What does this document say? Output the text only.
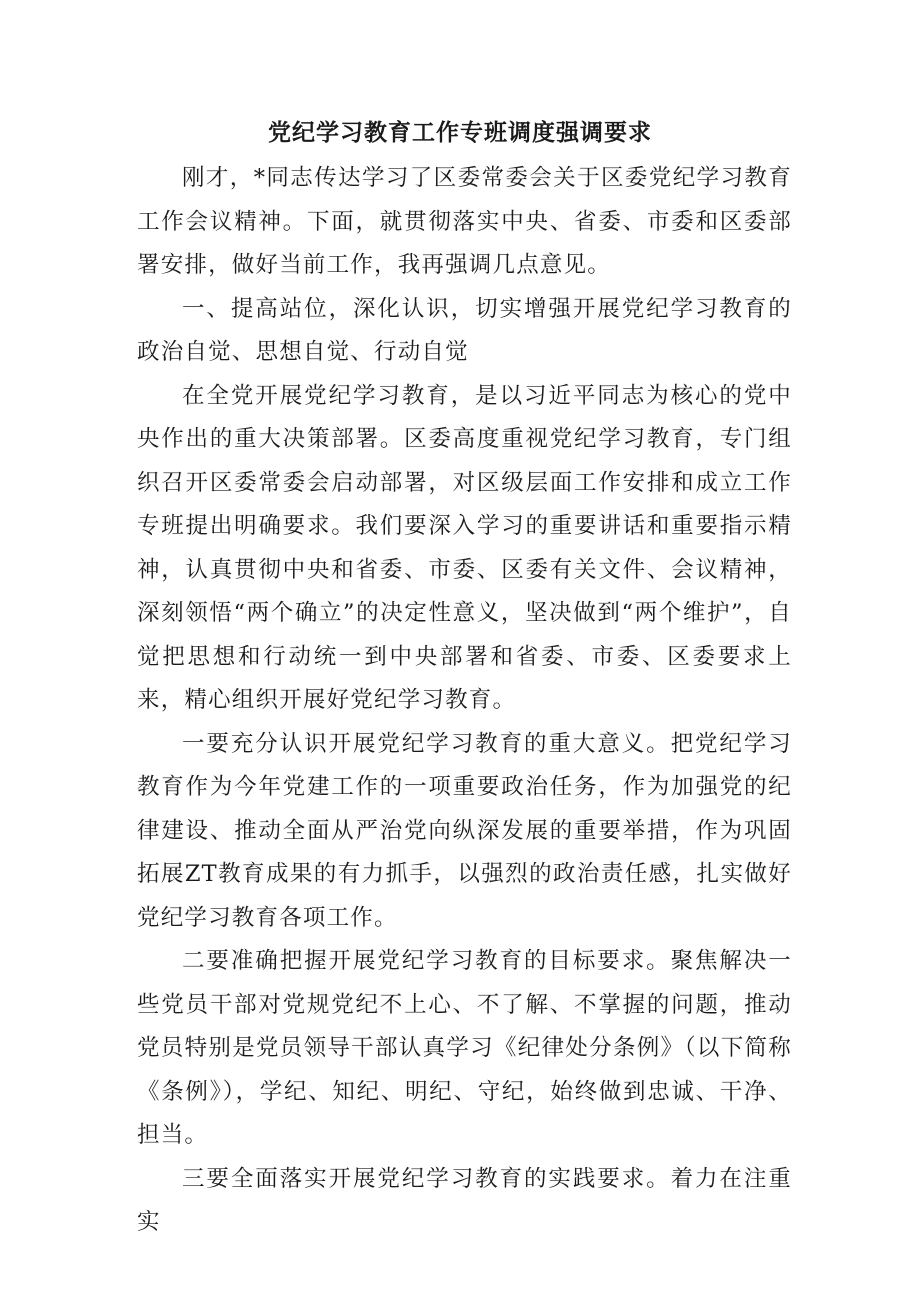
党纪学习教育工作专班调度强调要求

刚才，*同志传达学习了区委常委会关于区委党纪学习教育工作会议精神。下面，就贯彻落实中央、省委、市委和区委部署安排，做好当前工作，我再强调几点意见。

一、提高站位，深化认识，切实增强开展党纪学习教育的政治自觉、思想自觉、行动自觉

在全党开展党纪学习教育，是以习近平同志为核心的党中央作出的重大决策部署。区委高度重视党纪学习教育，专门组织召开区委常委会启动部署，对区级层面工作安排和成立工作专班提出明确要求。我们要深入学习的重要讲话和重要指示精神，认真贯彻中央和省委、市委、区委有关文件、会议精神，深刻领悟“两个确立”的决定性意义，坚决做到“两个维护”，自觉把思想和行动统一到中央部署和省委、市委、区委要求上来，精心组织开展好党纪学习教育。

一要充分认识开展党纪学习教育的重大意义。把党纪学习教育作为今年党建工作的一项重要政治任务，作为加强党的纪律建设、推动全面从严治党向纵深发展的重要举措，作为巩固拓展ZT教育成果的有力抓手，以强烈的政治责任感，扎实做好党纪学习教育各项工作。

二要准确把握开展党纪学习教育的目标要求。聚焦解决一些党员干部对党规党纪不上心、不了解、不掌握的问题，推动党员特别是党员领导干部认真学习《纪律处分条例》（以下简称《条例》），学纪、知纪、明纪、守纪，始终做到忠诚、干净、担当。

三要全面落实开展党纪学习教育的实践要求。着力在注重实
